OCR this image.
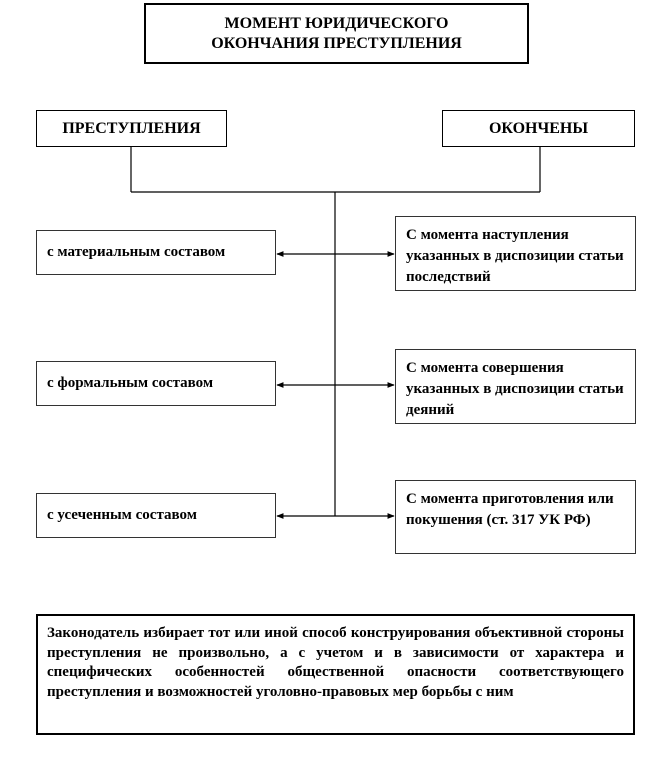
МОМЕНТ ЮРИДИЧЕСКОГО
ОКОНЧАНИЯ ПРЕСТУПЛЕНИЯ
ПРЕСТУПЛЕНИЯ	ОКОНЧЕНЫ
с материальным составом
С момента наступления указанных в диспозиции статьи последствий
с формальным составом
С момента совершения указанных в диспозиции статьи деяний
с усеченным составом
С момента приготовления или покушения (ст. 317 УК РФ)
Законодатель избирает тот или иной способ конструирования объективной стороны преступления не произвольно, а с учетом и в зависимости от характера и специфических особенностей общественной опасности соответствующего преступления и возможностей уголовно-правовых мер борьбы с ним
